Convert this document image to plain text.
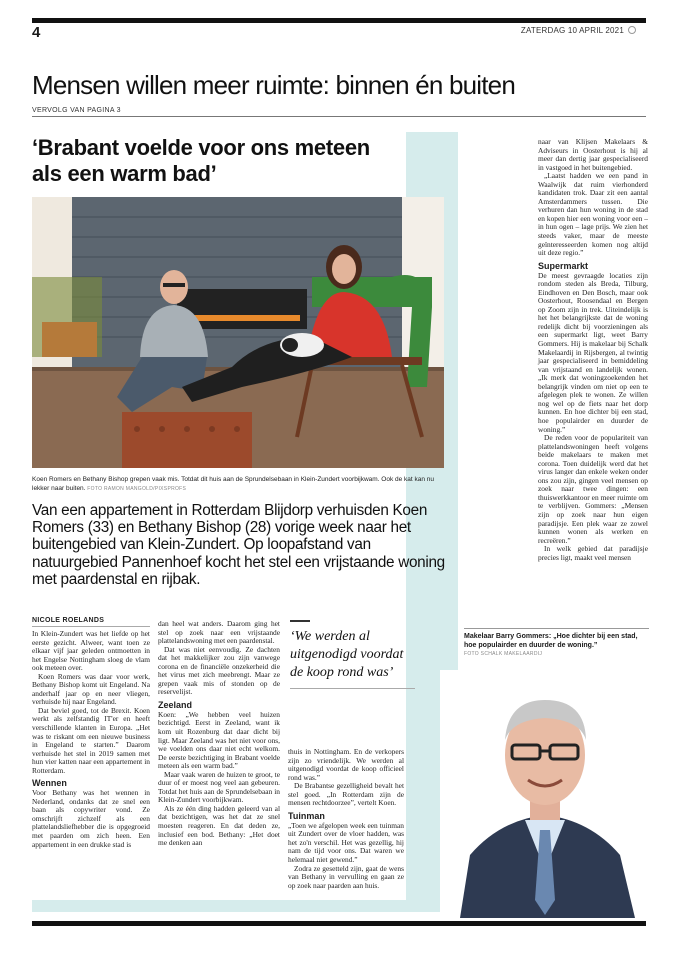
4	ZATERDAG 10 APRIL 2021
Mensen willen meer ruimte: binnen én buiten
VERVOLG VAN PAGINA 3
‘Brabant voelde voor ons meteen als een warm bad’
Koen Romers en Bethany Bishop grepen vaak mis. Totdat dit huis aan de Sprundelsebaan in Klein-Zundert voorbijkwam. Ook de kat kan nu lekker naar buiten. FOTO RAMON MANGOLD/PIXSPROFS
Van een appartement in Rotterdam Blijdorp verhuisden Koen Romers (33) en Bethany Bishop (28) vorige week naar het buitengebied van Klein-Zundert. Op loopafstand van natuurgebied Pannenhoef kocht het stel een vrijstaande woning met paardenstal en rijbak.
NICOLE ROELANDS

In Klein-Zundert was het liefde op het eerste gezicht. Alweer, want toen ze elkaar vijf jaar geleden ontmoetten in het Engelse Nottingham sloeg de vlam ook meteen over.

Koen Romers was daar voor werk, Bethany Bishop komt uit Engeland. Na anderhalf jaar op en neer vliegen, verhuisde hij naar Engeland.

Dat beviel goed, tot de Brexit. Koen werkt als zelfstandig IT'er en heeft verschillende klanten in Europa. „Het was te riskant om een nieuwe business in Engeland te starten.” Daarom verhuisde het stel in 2019 samen met hun vier katten naar een appartement in Rotterdam.

Wennen

Voor Bethany was het wennen in Nederland, ondanks dat ze snel een baan als copywriter vond. Ze omschrijft zichzelf als een plattelandsliefhebber die is opgegroeid met paarden om zich heen. Een appartement in een drukke stad is

dan heel wat anders. Daarom ging het stel op zoek naar een vrijstaande plattelandswoning met een paardenstal.

Dat was niet eenvoudig. Ze dachten dat het makkelijker zou zijn vanwege corona en de financiële onzekerheid die het virus met zich meebrengt. Maar ze grepen vaak mis of stonden op de reservelijst.

Zeeland

Koen: „We hebben veel huizen bezichtigd. Eerst in Zeeland, want ik kom uit Rozenburg dat daar dicht bij ligt. Maar Zeeland was het niet voor ons, we voelden ons daar niet echt welkom. De eerste bezichtiging in Brabant voelde meteen als een warm bad.”

Maar vaak waren de huizen te groot, te duur of er moest nog veel aan gebeuren. Totdat het huis aan de Sprundelsebaan in Klein-Zundert voorbijkwam.

Als ze één ding hadden geleerd van al dat bezichtigen, was het dat ze snel moesten reageren. En dat deden ze, inclusief een bod. Bethany: „Het doet me denken aan

‘We werden al uitgenodigd voordat de koop rond was’

thuis in Nottingham. En de verkopers zijn zo vriendelijk. We werden al uitgenodigd voordat de koop officieel rond was.”

De Brabantse gezelligheid bevalt het stel goed. „In Rotterdam zijn de mensen rechtdoorzee”, vertelt Koen.

Tuinman

„Toen we afgelopen week een tuinman uit Zundert over de vloer hadden, was het zo'n verschil. Het was gezellig, hij nam de tijd voor ons. Dat waren we helemaal niet gewend.”

Zodra ze gesetteld zijn, gaat de wens van Bethany in vervulling en gaan ze op zoek naar paarden aan huis.

naar van Klijsen Makelaars & Adviseurs in Oosterhout is hij al meer dan dertig jaar gespecialiseerd in vastgoed in het buitengebied.

„Laatst hadden we een pand in Waalwijk dat ruim vierhonderd kandidaten trok. Daar zit een aantal Amsterdammers tussen. Die verhuren dan hun woning in de stad en kopen hier een woning voor een – in hun ogen – lage prijs. We zien het steeds vaker, maar de meeste geïnteresseerden komen nog altijd uit deze regio.”

Supermarkt

De meest gevraagde locaties zijn rondom steden als Breda, Tilburg, Eindhoven en Den Bosch, maar ook Oosterhout, Roosendaal en Bergen op Zoom zijn in trek. Uiteindelijk is het het belangrijkste dat de woning redelijk dicht bij voorzieningen als een supermarkt ligt, weet Barry Gommers. Hij is makelaar bij Schalk Makelaardij in Rijsbergen, al twintig jaar gespecialiseerd in bemiddeling van vrijstaand en landelijk wonen. „Ik merk dat woningzoekenden het belangrijk vinden om niet op een te afgelegen plek te wonen. Ze willen nog wel op de fiets naar het dorp kunnen. En hoe dichter bij een stad, hoe populairder en duurder de woning.”

De reden voor de populariteit van plattelandswoningen heeft volgens beide makelaars te maken met corona. Toen duidelijk werd dat het virus langer dan enkele weken onder ons zou zijn, gingen veel mensen op zoek naar twee dingen: een thuiswerkkantoor en meer ruimte om te verblijven. Gommers: „Mensen zijn op zoek naar hun eigen paradijsje. Een plek waar ze zowel kunnen wonen als werken en recreëren.”

In welk gebied dat paradijsje precies ligt, maakt veel mensen

Makelaar Barry Gommers: „Hoe dichter bij een stad, hoe populairder en duurder de woning.”
FOTO SCHALK MAKELAARDIJ
